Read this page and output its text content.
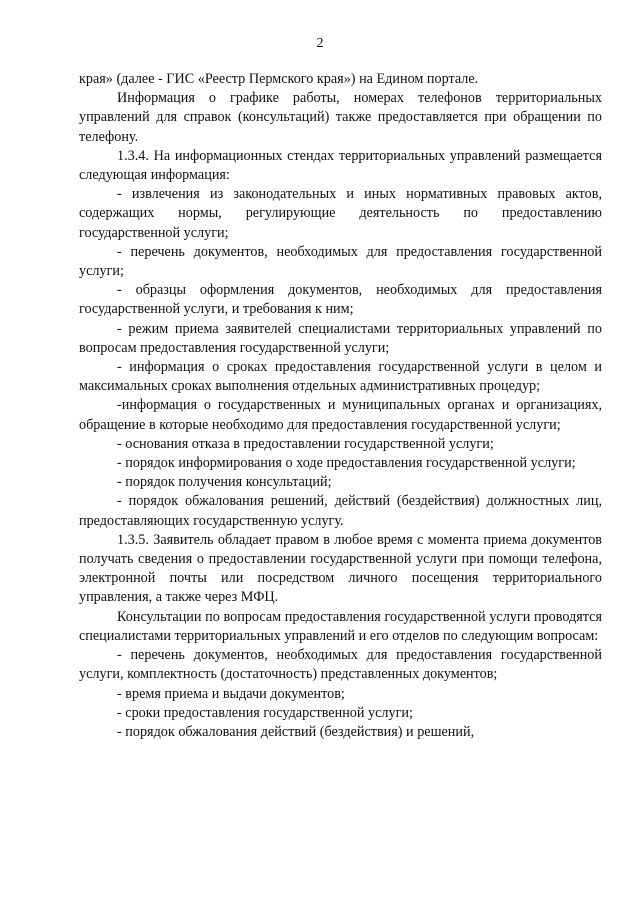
2

края» (далее - ГИС «Реестр Пермского края») на Едином портале.

Информация о графике работы, номерах телефонов территориальных управлений для справок (консультаций) также предоставляется при обращении по телефону.

1.3.4. На информационных стендах территориальных управлений размещается следующая информация:

- извлечения из законодательных и иных нормативных правовых актов, содержащих нормы, регулирующие деятельность по предоставлению государственной услуги;

- перечень документов, необходимых для предоставления государственной услуги;

- образцы оформления документов, необходимых для предоставления государственной услуги, и требования к ним;

- режим приема заявителей специалистами территориальных управлений по вопросам предоставления государственной услуги;

- информация о сроках предоставления государственной услуги в целом и максимальных сроках выполнения отдельных административных процедур;

-информация о государственных и муниципальных органах и организациях, обращение в которые необходимо для предоставления государственной услуги;

- основания отказа в предоставлении государственной услуги;

- порядок информирования о ходе предоставления государственной услуги;

- порядок получения консультаций;

- порядок обжалования решений, действий (бездействия) должностных лиц, предоставляющих государственную услугу.

1.3.5. Заявитель обладает правом в любое время с момента приема документов получать сведения о предоставлении государственной услуги при помощи телефона, электронной почты или посредством личного посещения территориального управления, а также через МФЦ.

Консультации по вопросам предоставления государственной услуги проводятся специалистами территориальных управлений и его отделов по следующим вопросам:

- перечень документов, необходимых для предоставления государственной услуги, комплектность (достаточность) представленных документов;

- время приема и выдачи документов;

- сроки предоставления государственной услуги;

- порядок обжалования действий (бездействия) и решений,
